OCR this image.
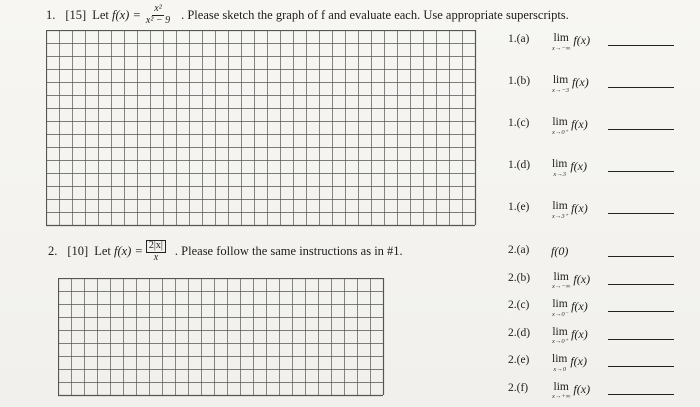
1. [15] Let
$f(x) = \frac{\text{x²}}{\text{x² − 9}}$ . Please sketch the graph of f and evaluate each. Use appropriate superscripts.
1.(a)	lim
x→−∞
f(x)
1.(b)	lim
x→−3
f(x)
1.(c)	lim
x→0⁺
f(x)
1.(d)	lim
x→3
f(x)
1.(e)	lim
x→3⁺
f(x)
2. [10] Let
$f(x) = \frac{2|x|}{x}$ . Please follow the same instructions as in #1.	2.(a)	f(0)
2.(b)	lim
x→−∞
f(x)
2.(c)	lim
x→0⁻
f(x)
2.(d)	lim
x→0⁺
f(x)
2.(e)	lim
x→0
f(x)
2.(f)	lim
x→+∞
f(x)
